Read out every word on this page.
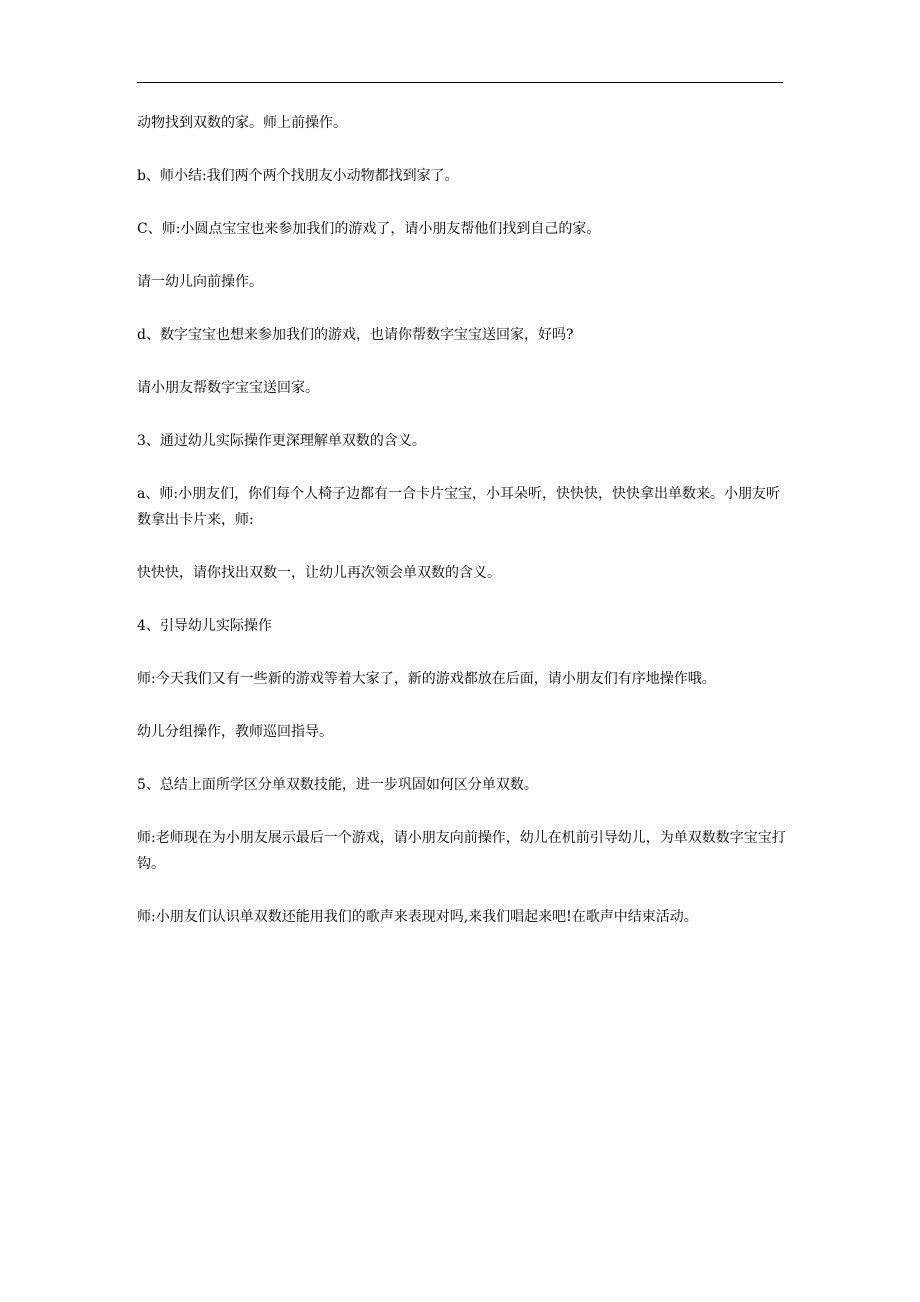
动物找到双数的家。师上前操作。

b、师小结:我们两个两个找朋友小动物都找到家了。

C、师:小圆点宝宝也来参加我们的游戏了，请小朋友帮他们找到自己的家。

请一幼儿向前操作。

d、数字宝宝也想来参加我们的游戏，也请你帮数字宝宝送回家，好吗?

请小朋友帮数字宝宝送回家。

3、通过幼儿实际操作更深理解单双数的含义。

a、师:小朋友们，你们每个人椅子边都有一合卡片宝宝，小耳朵听，快快快，快快拿出单数来。小朋友听数拿出卡片来，师:

快快快，请你找出双数一，让幼儿再次领会单双数的含义。

4、引导幼儿实际操作

师:今天我们又有一些新的游戏等着大家了，新的游戏都放在后面，请小朋友们有序地操作哦。

幼儿分组操作，教师巡回指导。

5、总结上面所学区分单双数技能，进一步巩固如何区分单双数。

师:老师现在为小朋友展示最后一个游戏，请小朋友向前操作，幼儿在机前引导幼儿，为单双数数字宝宝打钩。

师:小朋友们认识单双数还能用我们的歌声来表现对吗,来我们唱起来吧!在歌声中结束活动。
